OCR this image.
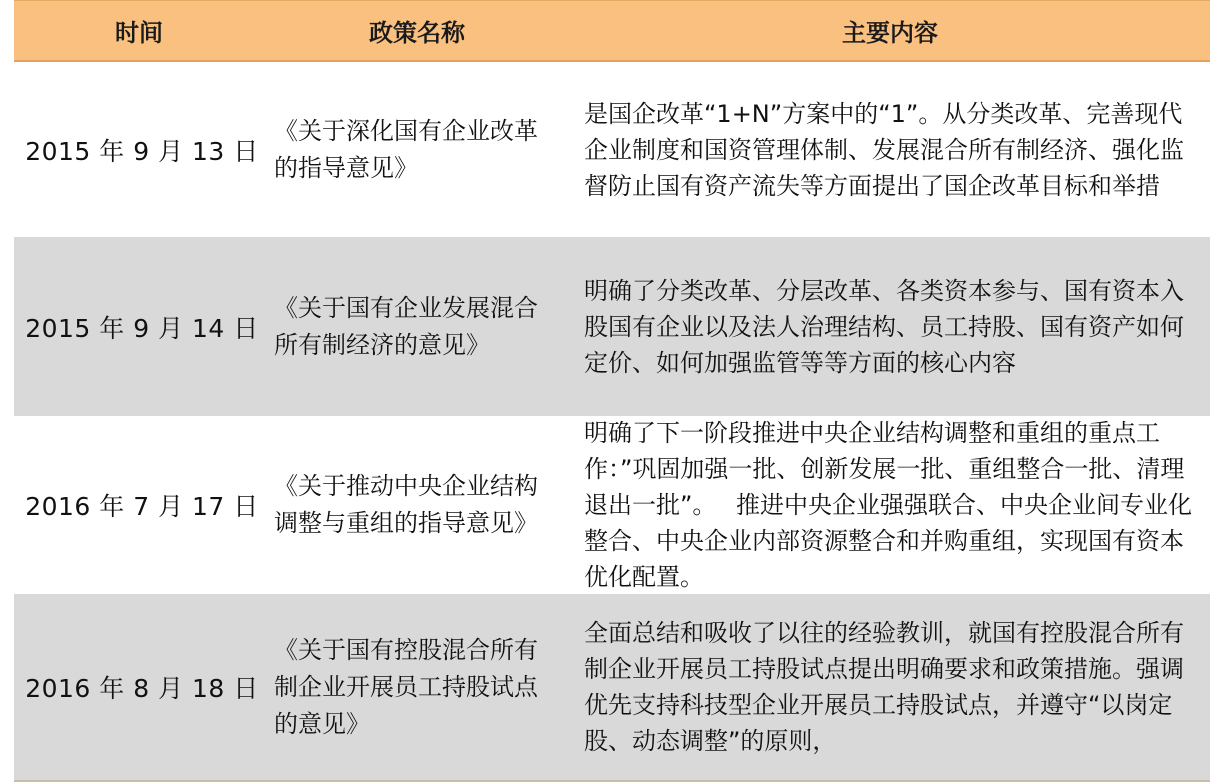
时间	政策名称	主要内容
2015 年 9 月 13 日
《关于深化国有企业改革的指导意见》
是国企改革“1+N”方案中的“1”。从分类改革、完善现代企业制度和国资管理体制、发展混合所有制经济、强化监督防止国有资产流失等方面提出了国企改革目标和举措
2015 年 9 月 14 日
《关于国有企业发展混合所有制经济的意见》
明确了分类改革、分层改革、各类资本参与、国有资本入股国有企业以及法人治理结构、员工持股、国有资产如何定价、如何加强监管等等方面的核心内容
2016 年 7 月 17 日
《关于推动中央企业结构调整与重组的指导意见》
明确了下一阶段推进中央企业结构调整和重组的重点工作：”巩固加强一批、创新发展一批、重组整合一批、清理退出一批”。　 推进中央企业强强联合、中央企业间专业化整合、中央企业内部资源整合和并购重组，实现国有资本优化配置。
2016 年 8 月 18 日
《关于国有控股混合所有制企业开展员工持股试点的意见》
全面总结和吸收了以往的经验教训，就国有控股混合所有制企业开展员工持股试点提出明确要求和政策措施。强调优先支持科技型企业开展员工持股试点，并遵守“以岗定股、动态调整”的原则，
